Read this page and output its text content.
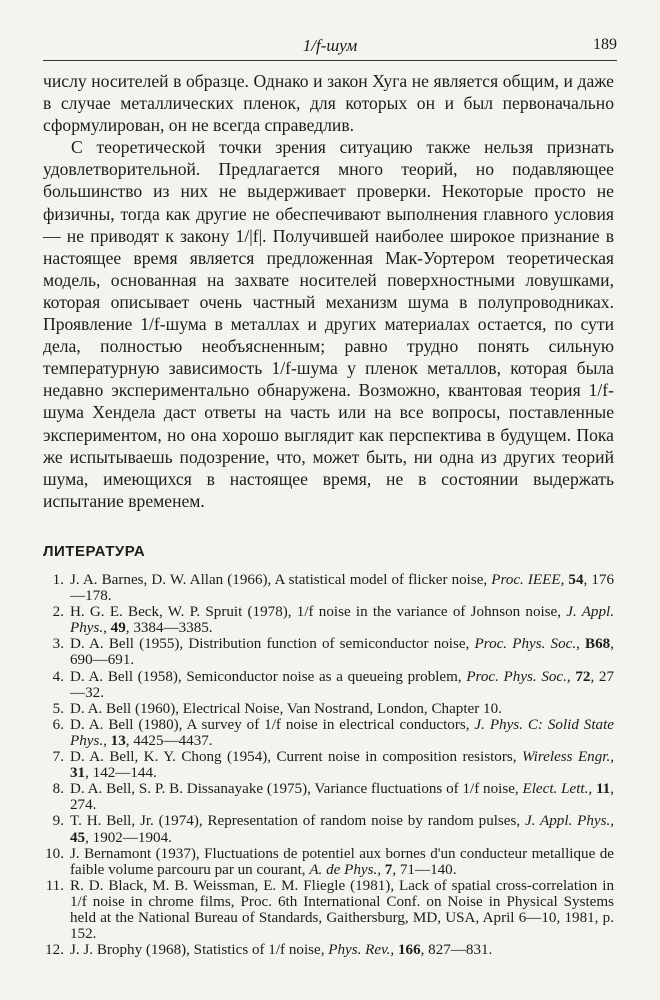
1/f-шум	189

числу носителей в образце. Однако и закон Хуга не является общим, и даже в случае металлических пленок, для которых он и был первоначально сформулирован, он не всегда справедлив.

С теоретической точки зрения ситуацию также нельзя признать удовлетворительной. Предлагается много теорий, но подавляющее большинство из них не выдерживает проверки. Некоторые просто не физичны, тогда как другие не обеспечивают выполнения главного условия — не приводят к закону 1/|f|. Получившей наиболее широкое признание в настоящее время является предложенная Мак-Уортером теоретическая модель, основанная на захвате носителей поверхностными ловушками, которая описывает очень частный механизм шума в полупроводниках. Проявление 1/f-шума в металлах и других материалах остается, по сути дела, полностью необъясненным; равно трудно понять сильную температурную зависимость 1/f-шума у пленок металлов, которая была недавно экспериментально обнаружена. Возможно, квантовая теория 1/f-шума Хендела даст ответы на часть или на все вопросы, поставленные экспериментом, но она хорошо выглядит как перспектива в будущем. Пока же испытываешь подозрение, что, может быть, ни одна из других теорий шума, имеющихся в настоящее время, не в состоянии выдержать испытание временем.

ЛИТЕРАТУРА
1. J. A. Barnes, D. W. Allan (1966), A statistical model of flicker noise, Proc. IEEE, 54, 176—178.
2. H. G. E. Beck, W. P. Spruit (1978), 1/f noise in the variance of Johnson noise, J. Appl. Phys., 49, 3384—3385.
3. D. A. Bell (1955), Distribution function of semiconductor noise, Proc. Phys. Soc., B68, 690—691.
4. D. A. Bell (1958), Semiconductor noise as a queueing problem, Proc. Phys. Soc., 72, 27—32.
5. D. A. Bell (1960), Electrical Noise, Van Nostrand, London, Chapter 10.
6. D. A. Bell (1980), A survey of 1/f noise in electrical conductors, J. Phys. C: Solid State Phys., 13, 4425—4437.
7. D. A. Bell, K. Y. Chong (1954), Current noise in composition resistors, Wireless Engr., 31, 142—144.
8. D. A. Bell, S. P. B. Dissanayake (1975), Variance fluctuations of 1/f noise, Elect. Lett., 11, 274.
9. T. H. Bell, Jr. (1974), Representation of random noise by random pulses, J. Appl. Phys., 45, 1902—1904.
10. J. Bernamont (1937), Fluctuations de potentiel aux bornes d'un conducteur metallique de faible volume parcouru par un courant, A. de Phys., 7, 71—140.
11. R. D. Black, M. B. Weissman, E. M. Fliegle (1981), Lack of spatial cross-correlation in 1/f noise in chrome films, Proc. 6th International Conf. on Noise in Physical Systems held at the National Bureau of Standards, Gaithersburg, MD, USA, April 6—10, 1981, p. 152.
12. J. J. Brophy (1968), Statistics of 1/f noise, Phys. Rev., 166, 827—831.
